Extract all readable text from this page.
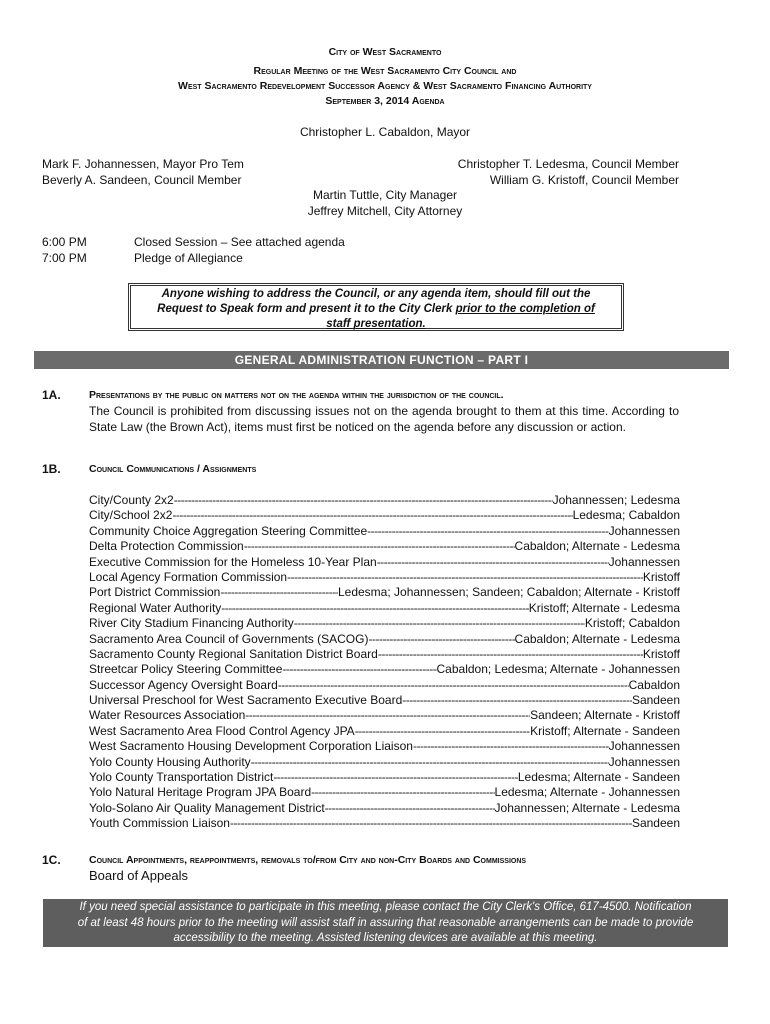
City of West Sacramento
Regular Meeting of the West Sacramento City Council and
West Sacramento Redevelopment Successor Agency & West Sacramento Financing Authority
September 3, 2014 Agenda
Christopher L. Cabaldon, Mayor
Mark F. Johannessen, Mayor Pro Tem
Beverly A. Sandeen, Council Member
Christopher T. Ledesma, Council Member
William G. Kristoff, Council Member
Martin Tuttle, City Manager
Jeffrey Mitchell, City Attorney
6:00 PM	Closed Session – See attached agenda
7:00 PM	Pledge of Allegiance
Anyone wishing to address the Council, or any agenda item, should fill out the
Request to Speak form and present it to the City Clerk prior to the completion of
staff presentation.
GENERAL ADMINISTRATION FUNCTION – PART I
1A.	Presentations by the public on matters not on the agenda within the jurisdiction of the council.
The Council is prohibited from discussing issues not on the agenda brought to them at this time. According to State Law (the Brown Act), items must first be noticed on the agenda before any discussion or action.
1B.	Council Communications / Assignments
City/County 2x2 -----	Johannessen; Ledesma
City/School 2x2 -----	Ledesma; Cabaldon
Community Choice Aggregation Steering Committee -----	Johannessen
Delta Protection Commission -----	Cabaldon; Alternate - Ledesma
Executive Commission for the Homeless 10-Year Plan -----	Johannessen
Local Agency Formation Commission -----	Kristoff
Port District Commission -----	Ledesma; Johannessen; Sandeen; Cabaldon; Alternate - Kristoff
Regional Water Authority -----	Kristoff; Alternate - Ledesma
River City Stadium Financing Authority -----	Kristoff; Cabaldon
Sacramento Area Council of Governments (SACOG) -----	Cabaldon; Alternate - Ledesma
Sacramento County Regional Sanitation District Board -----	Kristoff
Streetcar Policy Steering Committee -----	Cabaldon; Ledesma; Alternate - Johannessen
Successor Agency Oversight Board -----	Cabaldon
Universal Preschool for West Sacramento Executive Board -----	Sandeen
Water Resources Association -----	Sandeen; Alternate - Kristoff
West Sacramento Area Flood Control Agency JPA -----	Kristoff; Alternate - Sandeen
West Sacramento Housing Development Corporation Liaison -----	Johannessen
Yolo County Housing Authority -----	Johannessen
Yolo County Transportation District -----	Ledesma; Alternate - Sandeen
Yolo Natural Heritage Program JPA Board -----	Ledesma; Alternate - Johannessen
Yolo-Solano Air Quality Management District -----	Johannessen; Alternate - Ledesma
Youth Commission Liaison -----	Sandeen
1C.	Council Appointments, reappointments, removals to/from City and non-City Boards and Commissions
Board of Appeals
If you need special assistance to participate in this meeting, please contact the City Clerk's Office, 617-4500. Notification
of at least 48 hours prior to the meeting will assist staff in assuring that reasonable arrangements can be made to provide
accessibility to the meeting. Assisted listening devices are available at this meeting.
